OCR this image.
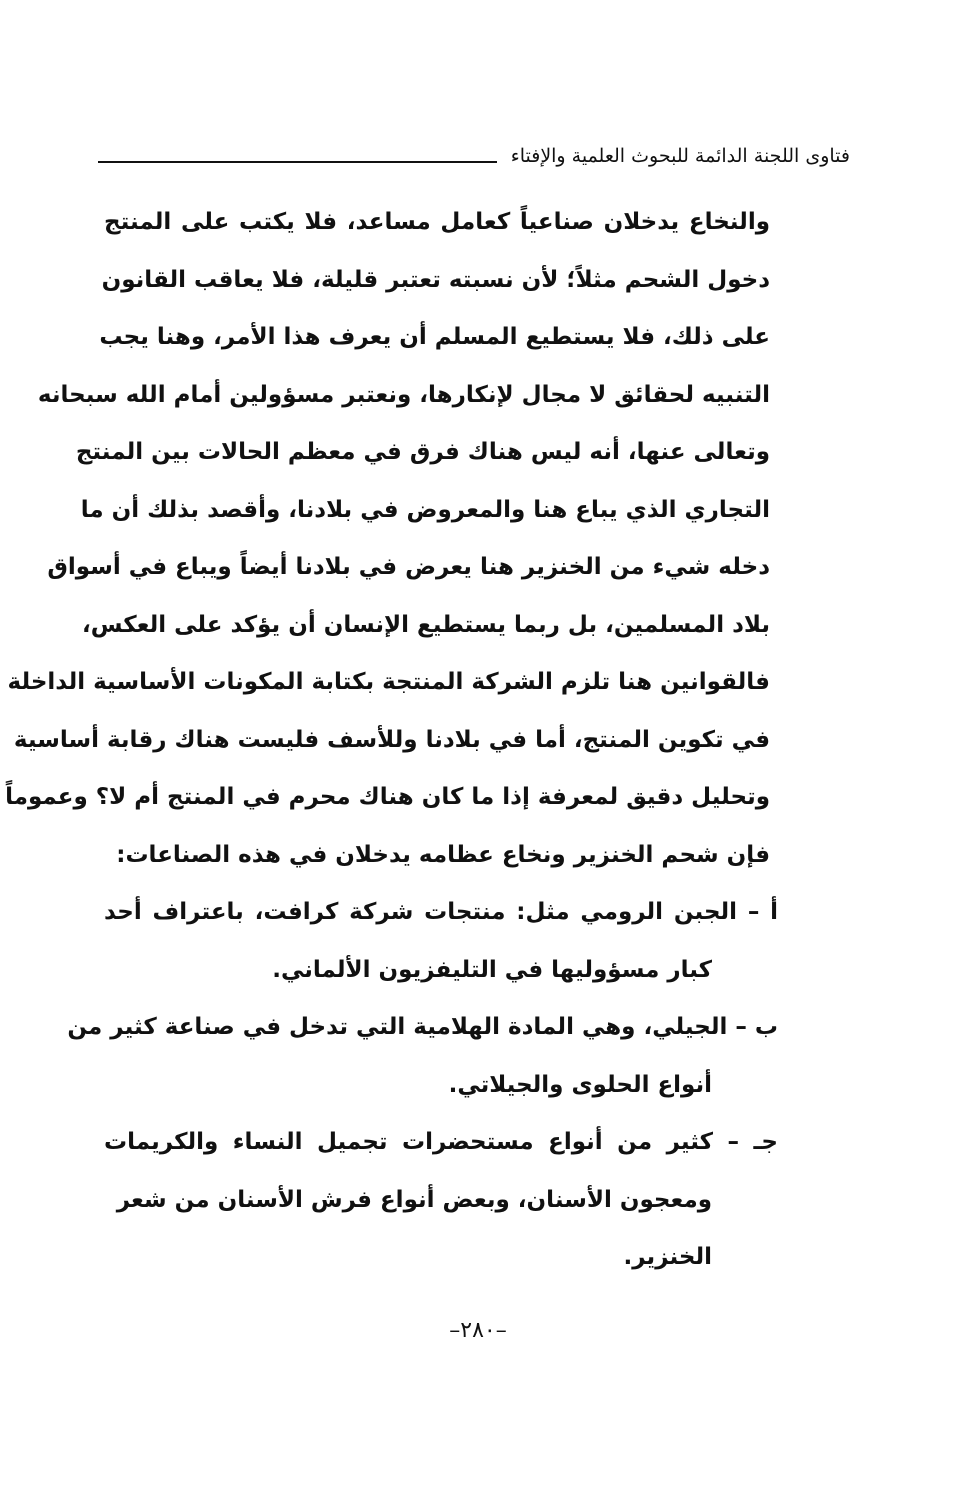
فتاوى اللجنة الدائمة للبحوث العلمية والإفتاء
والنخاع يدخلان صناعياً كعامل مساعد، فلا يكتب على المنتج
دخول الشحم مثلاً؛ لأن نسبته تعتبر قليلة، فلا يعاقب القانون
على ذلك، فلا يستطيع المسلم أن يعرف هذا الأمر، وهنا يجب
التنبيه لحقائق لا مجال لإنكارها، ونعتبر مسؤولين أمام الله سبحانه
وتعالى عنها، أنه ليس هناك فرق في معظم الحالات بين المنتج
التجاري الذي يباع هنا والمعروض في بلادنا، وأقصد بذلك أن ما
دخله شيء من الخنزير هنا يعرض في بلادنا أيضاً ويباع في أسواق
بلاد المسلمين، بل ربما يستطيع الإنسان أن يؤكد على العكس،
فالقوانين هنا تلزم الشركة المنتجة بكتابة المكونات الأساسية الداخلة
في تكوين المنتج، أما في بلادنا وللأسف فليست هناك رقابة أساسية
وتحليل دقيق لمعرفة إذا ما كان هناك محرم في المنتج أم لا؟ وعموماً
فإن شحم الخنزير ونخاع عظامه يدخلان في هذه الصناعات:
أ – الجبن الرومي مثل: منتجات شركة كرافت، باعتراف أحد
كبار مسؤوليها في التليفزيون الألماني.
ب – الجيلي، وهي المادة الهلامية التي تدخل في صناعة كثير من
أنواع الحلوى والجيلاتي.
جـ – كثير من أنواع مستحضرات تجميل النساء والكريمات
ومعجون الأسنان، وبعض أنواع فرش الأسنان من شعر
الخنزير.
–٢٨٠–
